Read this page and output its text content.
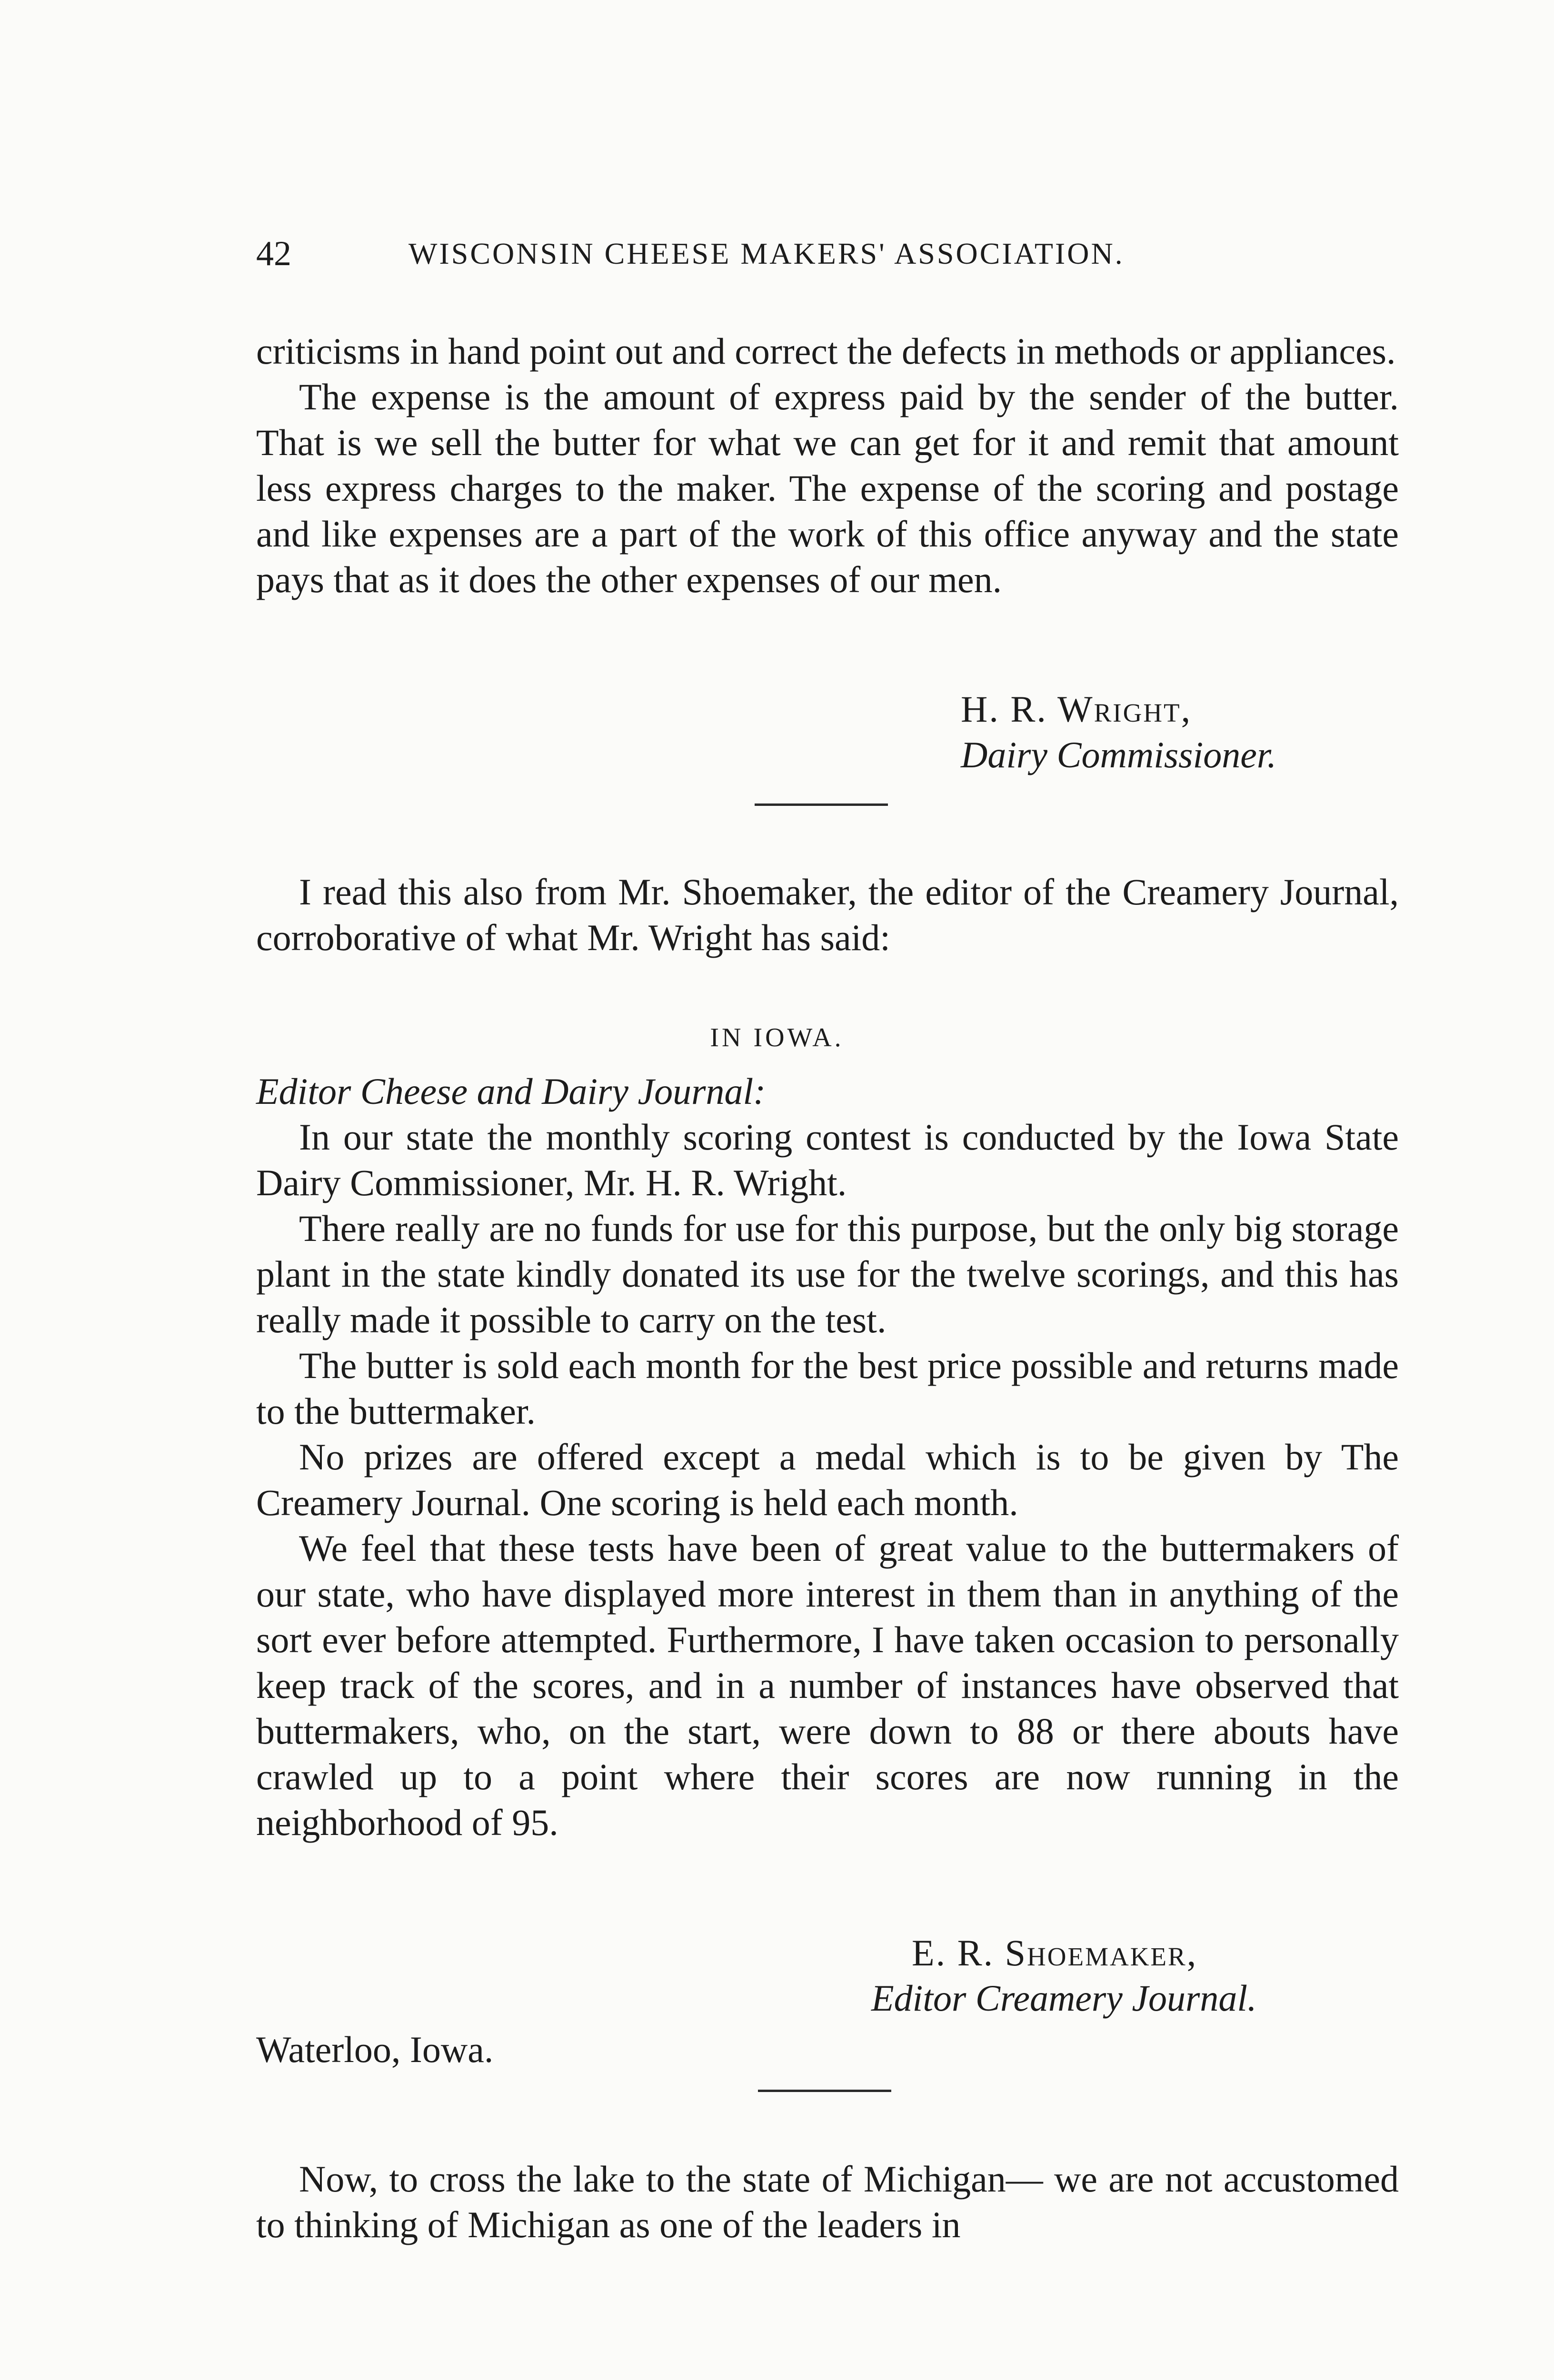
42	WISCONSIN CHEESE MAKERS' ASSOCIATION.

criticisms in hand point out and correct the defects in methods or appliances.

The expense is the amount of express paid by the sender of the butter. That is we sell the butter for what we can get for it and remit that amount less express charges to the maker. The expense of the scoring and postage and like expenses are a part of the work of this office anyway and the state pays that as it does the other expenses of our men.

H. R. Wright,
Dairy Commissioner.

I read this also from Mr. Shoemaker, the editor of the Creamery Journal, corroborative of what Mr. Wright has said:

IN IOWA.

Editor Cheese and Dairy Journal:

In our state the monthly scoring contest is conducted by the Iowa State Dairy Commissioner, Mr. H. R. Wright.

There really are no funds for use for this purpose, but the only big storage plant in the state kindly donated its use for the twelve scorings, and this has really made it possible to carry on the test.

The butter is sold each month for the best price possible and returns made to the buttermaker.

No prizes are offered except a medal which is to be given by The Creamery Journal. One scoring is held each month.

We feel that these tests have been of great value to the buttermakers of our state, who have displayed more interest in them than in anything of the sort ever before attempted. Furthermore, I have taken occasion to personally keep track of the scores, and in a number of instances have observed that buttermakers, who, on the start, were down to 88 or there abouts have crawled up to a point where their scores are now running in the neighborhood of 95.

E. R. Shoemaker,
Editor Creamery Journal.
Waterloo, Iowa.

Now, to cross the lake to the state of Michigan— we are not accustomed to thinking of Michigan as one of the leaders in
